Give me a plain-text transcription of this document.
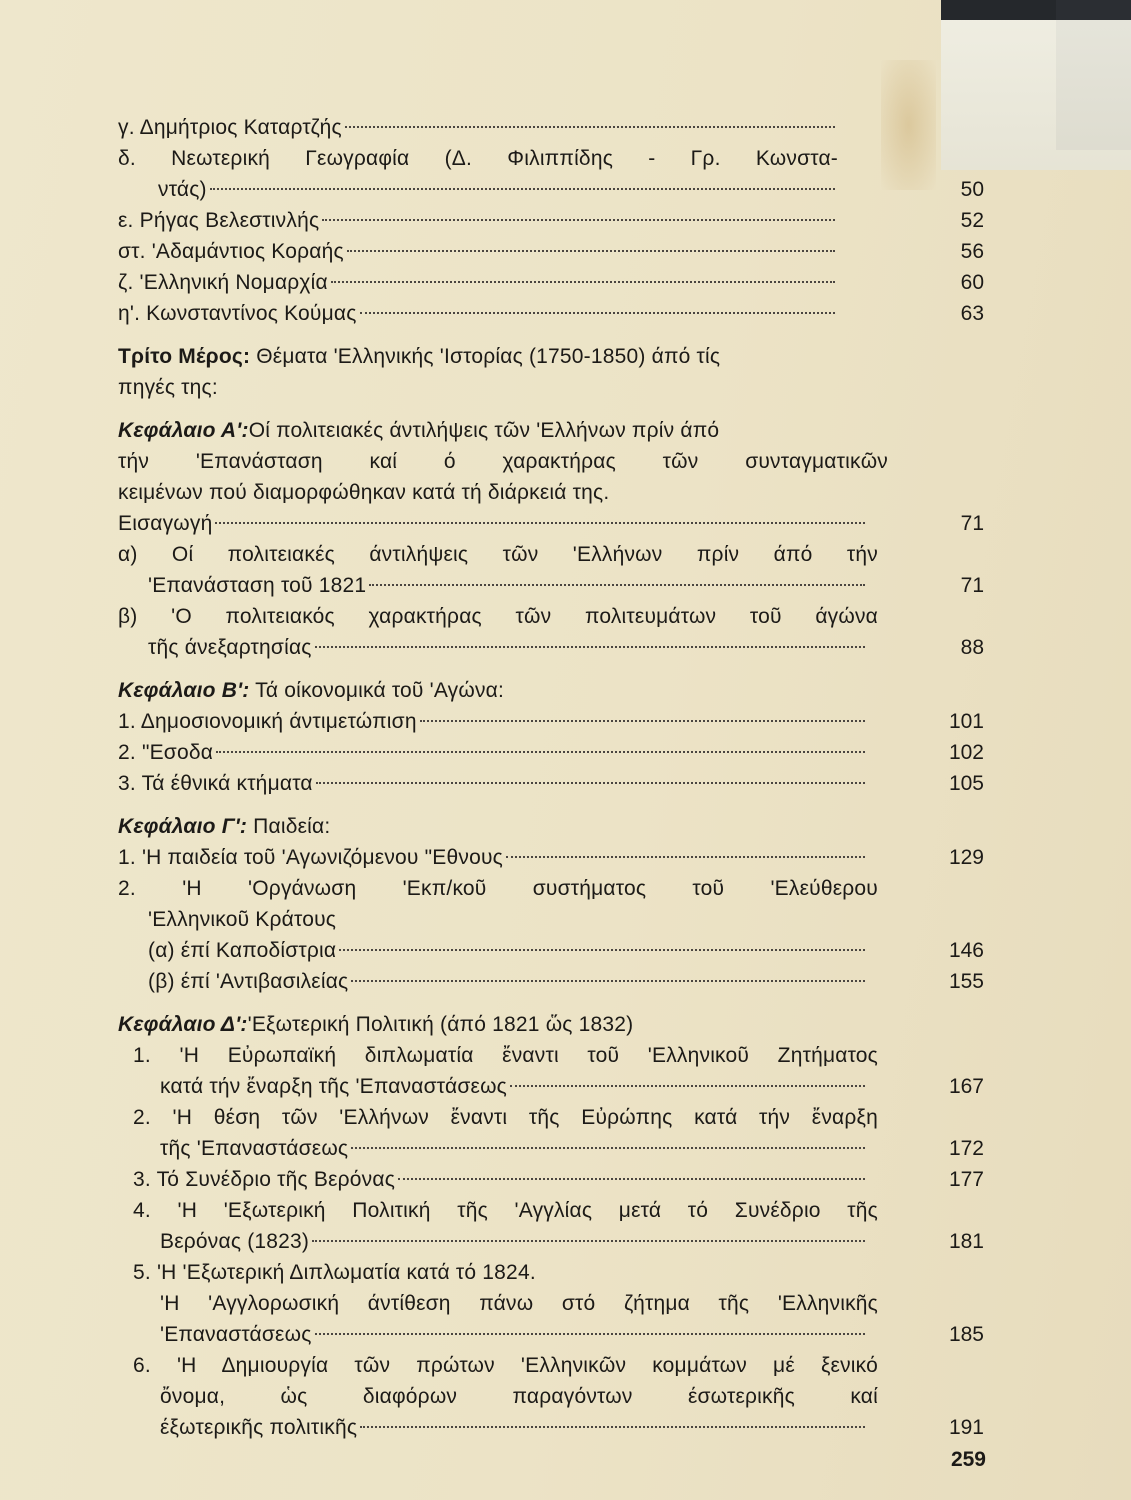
γ. Δημήτριος Καταρτζής
δ. Νεωτερική Γεωγραφία (Δ. Φιλιππίδης - Γρ. Κωνστα-
ντάς)	50
ε. Ρήγας Βελεστινλής	52
στ. 'Αδαμάντιος Κοραής	56
ζ. 'Ελληνική Νομαρχία	60
η'. Κωνσταντίνος Κούμας	63
Τρίτο Μέρος: Θέματα 'Ελληνικής 'Ιστορίας (1750-1850) άπό τίς
πηγές της:
Κεφάλαιο Α':Οί πολιτειακές άντιλήψεις τῶν 'Ελλήνων πρίν άπό
τήν 'Επανάσταση καί ό χαρακτήρας τῶν συνταγματικῶν
κειμένων πού διαμορφώθηκαν κατά τή διάρκειά της.
Εισαγωγή	71
α) Οί πολιτειακές άντιλήψεις τῶν 'Ελλήνων πρίν άπό τήν
'Επανάσταση τοῦ 1821	71
β) 'Ο πολιτειακός χαρακτήρας τῶν πολιτευμάτων τοῦ άγώνα
τῆς άνεξαρτησίας	88
Κεφάλαιο Β': Τά οίκονομικά τοῦ 'Αγώνα:
1. Δημοσιονομική άντιμετώπιση	101
2. "Εσοδα	102
3. Τά έθνικά κτήματα	105
Κεφάλαιο Γ': Παιδεία:
1. 'Η παιδεία τοῦ 'Αγωνιζόμενου "Εθνους	129
2. 'Η 'Οργάνωση 'Εκπ/κοῦ συστήματος τοῦ 'Ελεύθερου
'Ελληνικοῦ Κράτους
(α) έπί Καποδίστρια	146
(β) έπί 'Αντιβασιλείας	155
Κεφάλαιο Δ':'Εξωτερική Πολιτική (άπό 1821 ὥς 1832)
1. 'Η Εὐρωπαϊκή διπλωματία ἔναντι τοῦ 'Ελληνικοῦ Ζητήματος
κατά τήν ἔναρξη τῆς 'Επαναστάσεως	167
2. 'Η θέση τῶν 'Ελλήνων ἔναντι τῆς Εὐρώπης κατά τήν ἔναρξη
τῆς 'Επαναστάσεως	172
3. Τό Συνέδριο τῆς Βερόνας	177
4. 'Η 'Εξωτερική Πολιτική τῆς 'Αγγλίας μετά τό Συνέδριο τῆς
Βερόνας (1823)	181
5. 'Η 'Εξωτερική Διπλωματία κατά τό 1824.
'Η 'Αγγλορωσική άντίθεση πάνω στό ζήτημα τῆς 'Ελληνικῆς
'Επαναστάσεως	185
6. 'Η Δημιουργία τῶν πρώτων 'Ελληνικῶν κομμάτων μέ ξενικό
ὄνομα, ὡς διαφόρων παραγόντων έσωτερικῆς καί
έξωτερικῆς πολιτικῆς	191
259
